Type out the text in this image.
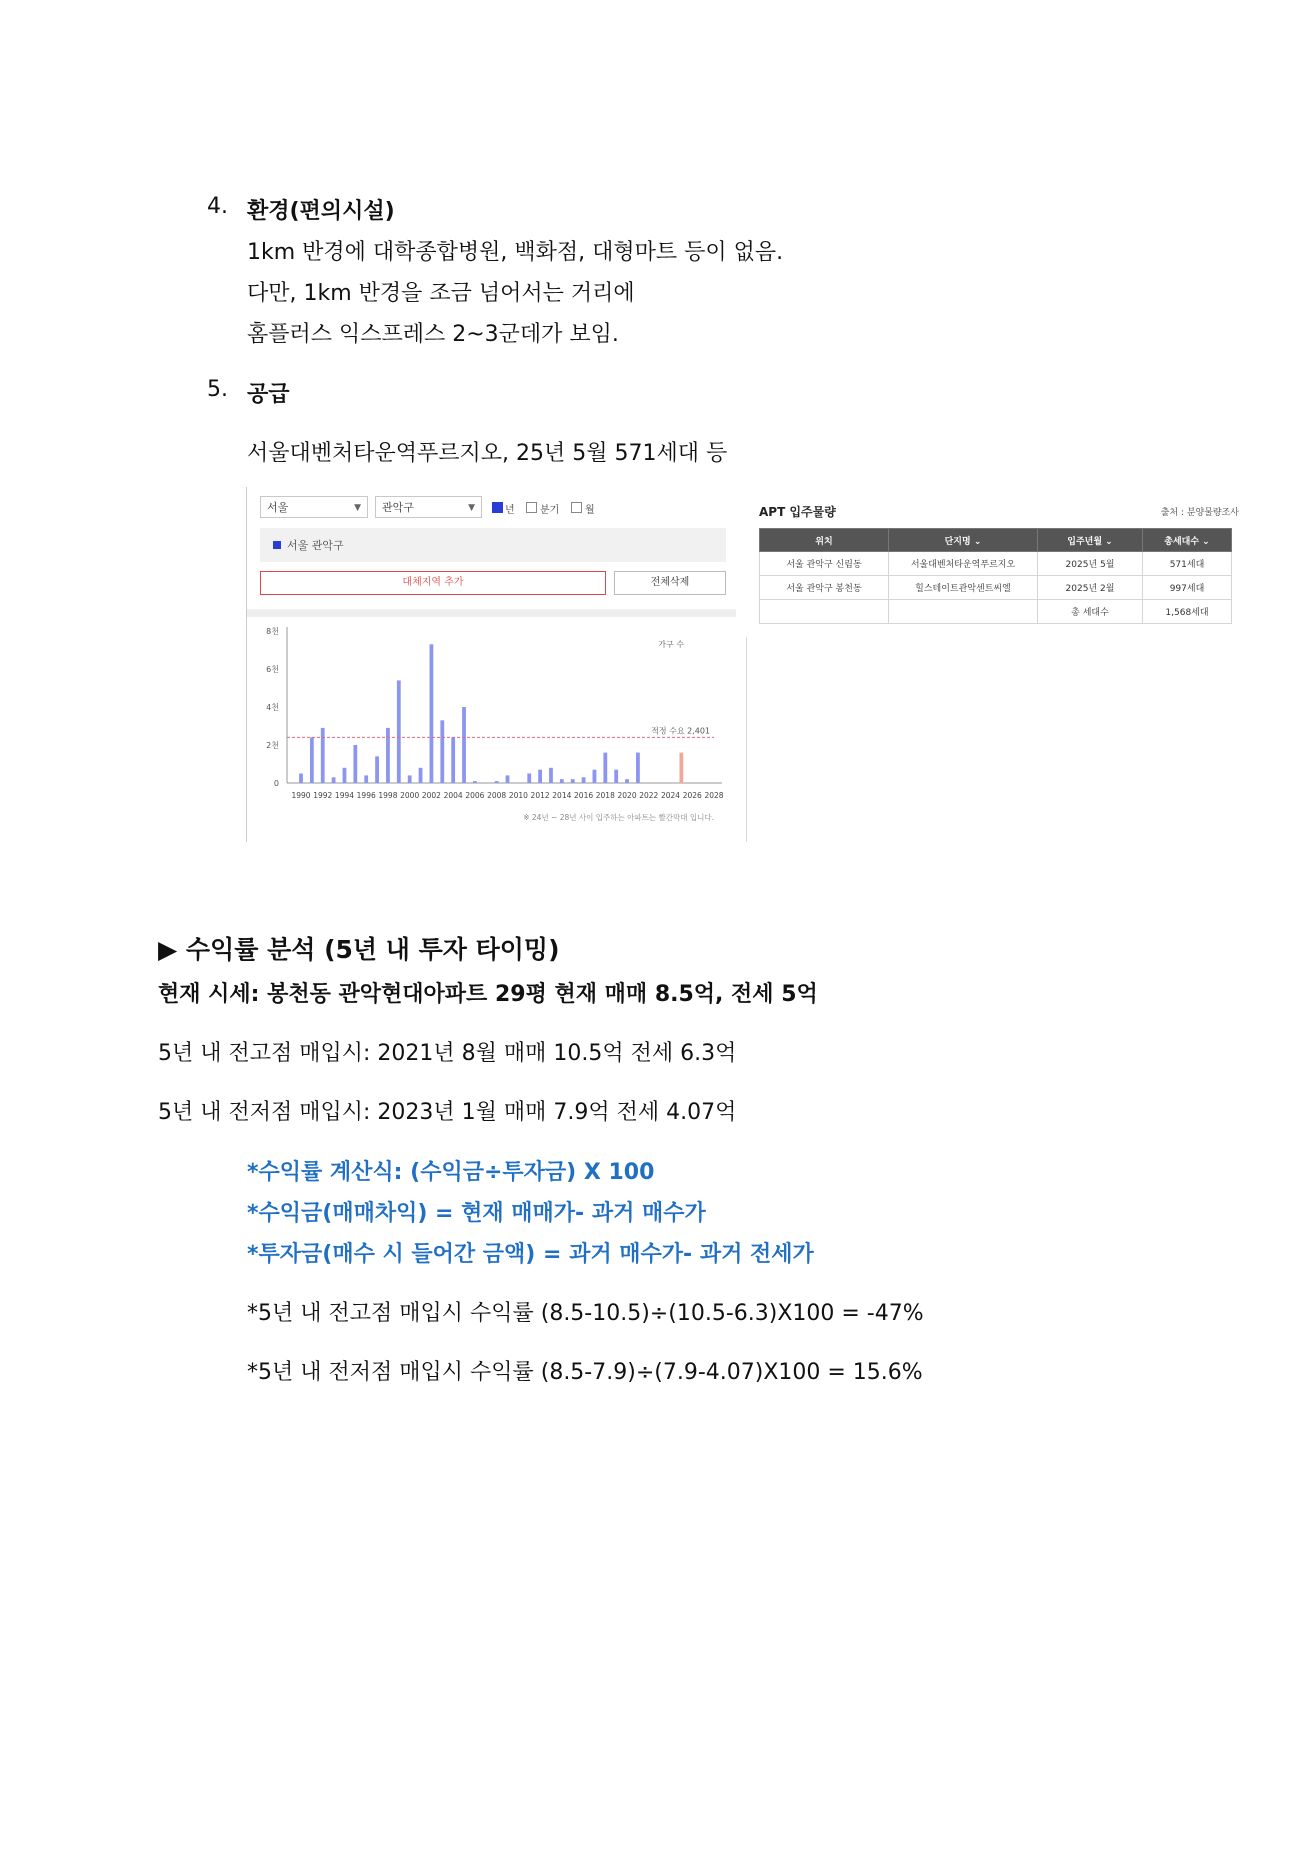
4. 환경(편의시설)
1km 반경에 대학종합병원, 백화점, 대형마트 등이 없음.
다만, 1km 반경을 조금 넘어서는 거리에
홈플러스 익스프레스 2~3군데가 보임.
5. 공급
서울대벤처타운역푸르지오, 25년 5월 571세대 등
서울	▼	관악구	▼	년	분기	월
서울 관악구
대체지역 추가	전체삭제
8천
6천
4천
2천
0
1990 1992 1994 1996 1998 2000 2002 2004 2006 2008 2010 2012 2014 2016 2018 2020 2022 2024 2026 2028
적정 수요 2,401
가구 수
※ 24년 ~ 28년 사이 입주하는 아파트는 빨간막대 입니다.
APT 입주물량	출처 : 분양물량조사
위치	단지명 ⌄	입주년월 ⌄	총세대수 ⌄
서울 관악구 신림동	서울대벤처타운역푸르지오	2025년 5월	571세대
서울 관악구 봉천동	힐스테이트관악센트씨엘	2025년 2월	997세대
		총 세대수	1,568세대
▶ 수익률 분석 (5년 내 투자 타이밍)
현재 시세: 봉천동 관악현대아파트 29평 현재 매매 8.5억, 전세 5억
5년 내 전고점 매입시: 2021년 8월 매매 10.5억 전세 6.3억
5년 내 전저점 매입시: 2023년 1월 매매 7.9억 전세 4.07억
*수익률 계산식: (수익금÷투자금) X 100
*수익금(매매차익) = 현재 매매가- 과거 매수가
*투자금(매수 시 들어간 금액) = 과거 매수가- 과거 전세가
*5년 내 전고점 매입시 수익률 (8.5-10.5)÷(10.5-6.3)X100 = -47%
*5년 내 전저점 매입시 수익률 (8.5-7.9)÷(7.9-4.07)X100 = 15.6%
